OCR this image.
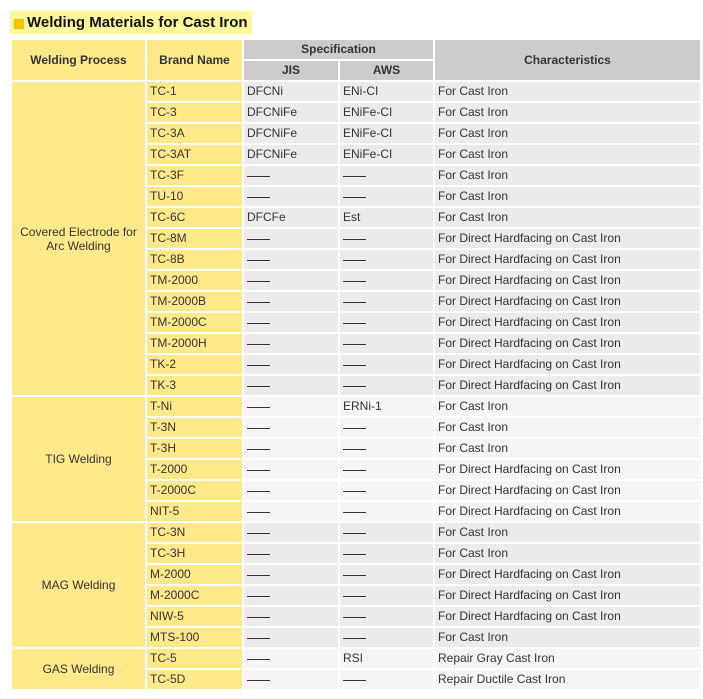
Welding Materials for Cast Iron
Welding Process	Brand Name	Specification		Characteristics
		JIS	AWS	
Covered Electrode for Arc Welding	TC-1	DFCNi	ENi-CI	For Cast Iron
	TC-3	DFCNiFe	ENiFe-CI	For Cast Iron
	TC-3A	DFCNiFe	ENiFe-CI	For Cast Iron
	TC-3AT	DFCNiFe	ENiFe-CI	For Cast Iron
	TC-3F			For Cast Iron
	TU-10			For Cast Iron
	TC-6C	DFCFe	Est	For Cast Iron
	TC-8M			For Direct Hardfacing on Cast Iron
	TC-8B			For Direct Hardfacing on Cast Iron
	TM-2000			For Direct Hardfacing on Cast Iron
	TM-2000B			For Direct Hardfacing on Cast Iron
	TM-2000C			For Direct Hardfacing on Cast Iron
	TM-2000H			For Direct Hardfacing on Cast Iron
	TK-2			For Direct Hardfacing on Cast Iron
	TK-3			For Direct Hardfacing on Cast Iron
TIG Welding	T-Ni		ERNi-1	For Cast Iron
	T-3N			For Cast Iron
	T-3H			For Cast Iron
	T-2000			For Direct Hardfacing on Cast Iron
	T-2000C			For Direct Hardfacing on Cast Iron
	NIT-5			For Direct Hardfacing on Cast Iron
MAG Welding	TC-3N			For Cast Iron
	TC-3H			For Cast Iron
	M-2000			For Direct Hardfacing on Cast Iron
	M-2000C			For Direct Hardfacing on Cast Iron
	NIW-5			For Direct Hardfacing on Cast Iron
	MTS-100			For Cast Iron
GAS Welding	TC-5		RSI	Repair Gray Cast Iron
	TC-5D			Repair Ductile Cast Iron
